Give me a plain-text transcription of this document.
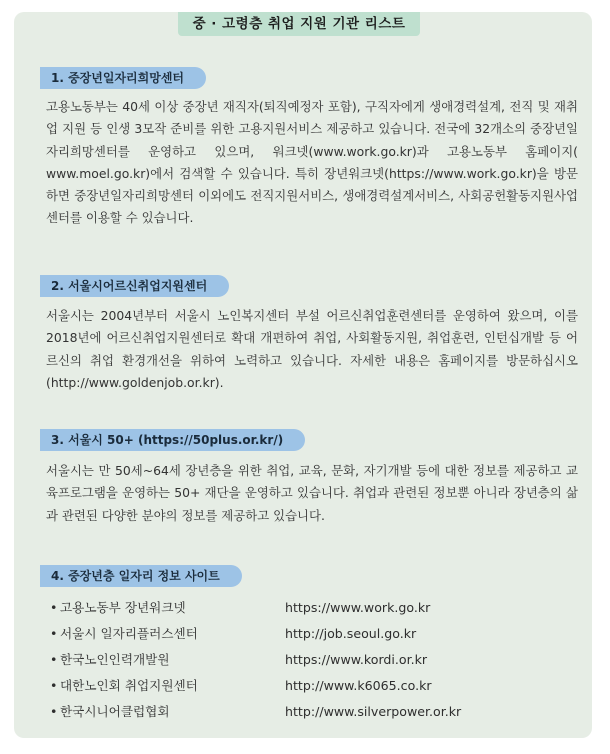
중 · 고령층 취업 지원 기관 리스트
1. 중장년일자리희망센터

고용노동부는 40세 이상 중장년 재직자(퇴직예정자 포함), 구직자에게 생애경력설계, 전직 및 재취업 지원 등 인생 3모작 준비를 위한 고용지원서비스 제공하고 있습니다. 전국에 32개소의 중장년일자리희망센터를 운영하고 있으며, 워크넷(www.work.go.kr)과 고용노동부 홈페이지( www.moel.go.kr)에서 검색할 수 있습니다. 특히 장년워크넷(https://www.work.go.kr)을 방문하면 중장년일자리희망센터 이외에도 전직지원서비스, 생애경력설계서비스, 사회공헌활동지원사업센터를 이용할 수 있습니다.

2. 서울시어르신취업지원센터

서울시는 2004년부터 서울시 노인복지센터 부설 어르신취업훈련센터를 운영하여 왔으며, 이를 2018년에 어르신취업지원센터로 확대 개편하여 취업, 사회활동지원, 취업훈련, 인턴십개발 등 어르신의 취업 환경개선을 위하여 노력하고 있습니다. 자세한 내용은 홈페이지를 방문하십시오(http://www.goldenjob.or.kr).

3. 서울시 50+ (https://50plus.or.kr/)

서울시는 만 50세~64세 장년층을 위한 취업, 교육, 문화, 자기개발 등에 대한 정보를 제공하고 교육프로그램을 운영하는 50+ 재단을 운영하고 있습니다. 취업과 관련된 정보뿐 아니라 장년층의 삶과 관련된 다양한 분야의 정보를 제공하고 있습니다.

4. 중장년층 일자리 정보 사이트
• 고용노동부 장년워크넷	https://www.work.go.kr
• 서울시 일자리플러스센터	http://job.seoul.go.kr
• 한국노인인력개발원	https://www.kordi.or.kr
• 대한노인회 취업지원센터	http://www.k6065.co.kr
• 한국시니어클럽협회	http://www.silverpower.or.kr
